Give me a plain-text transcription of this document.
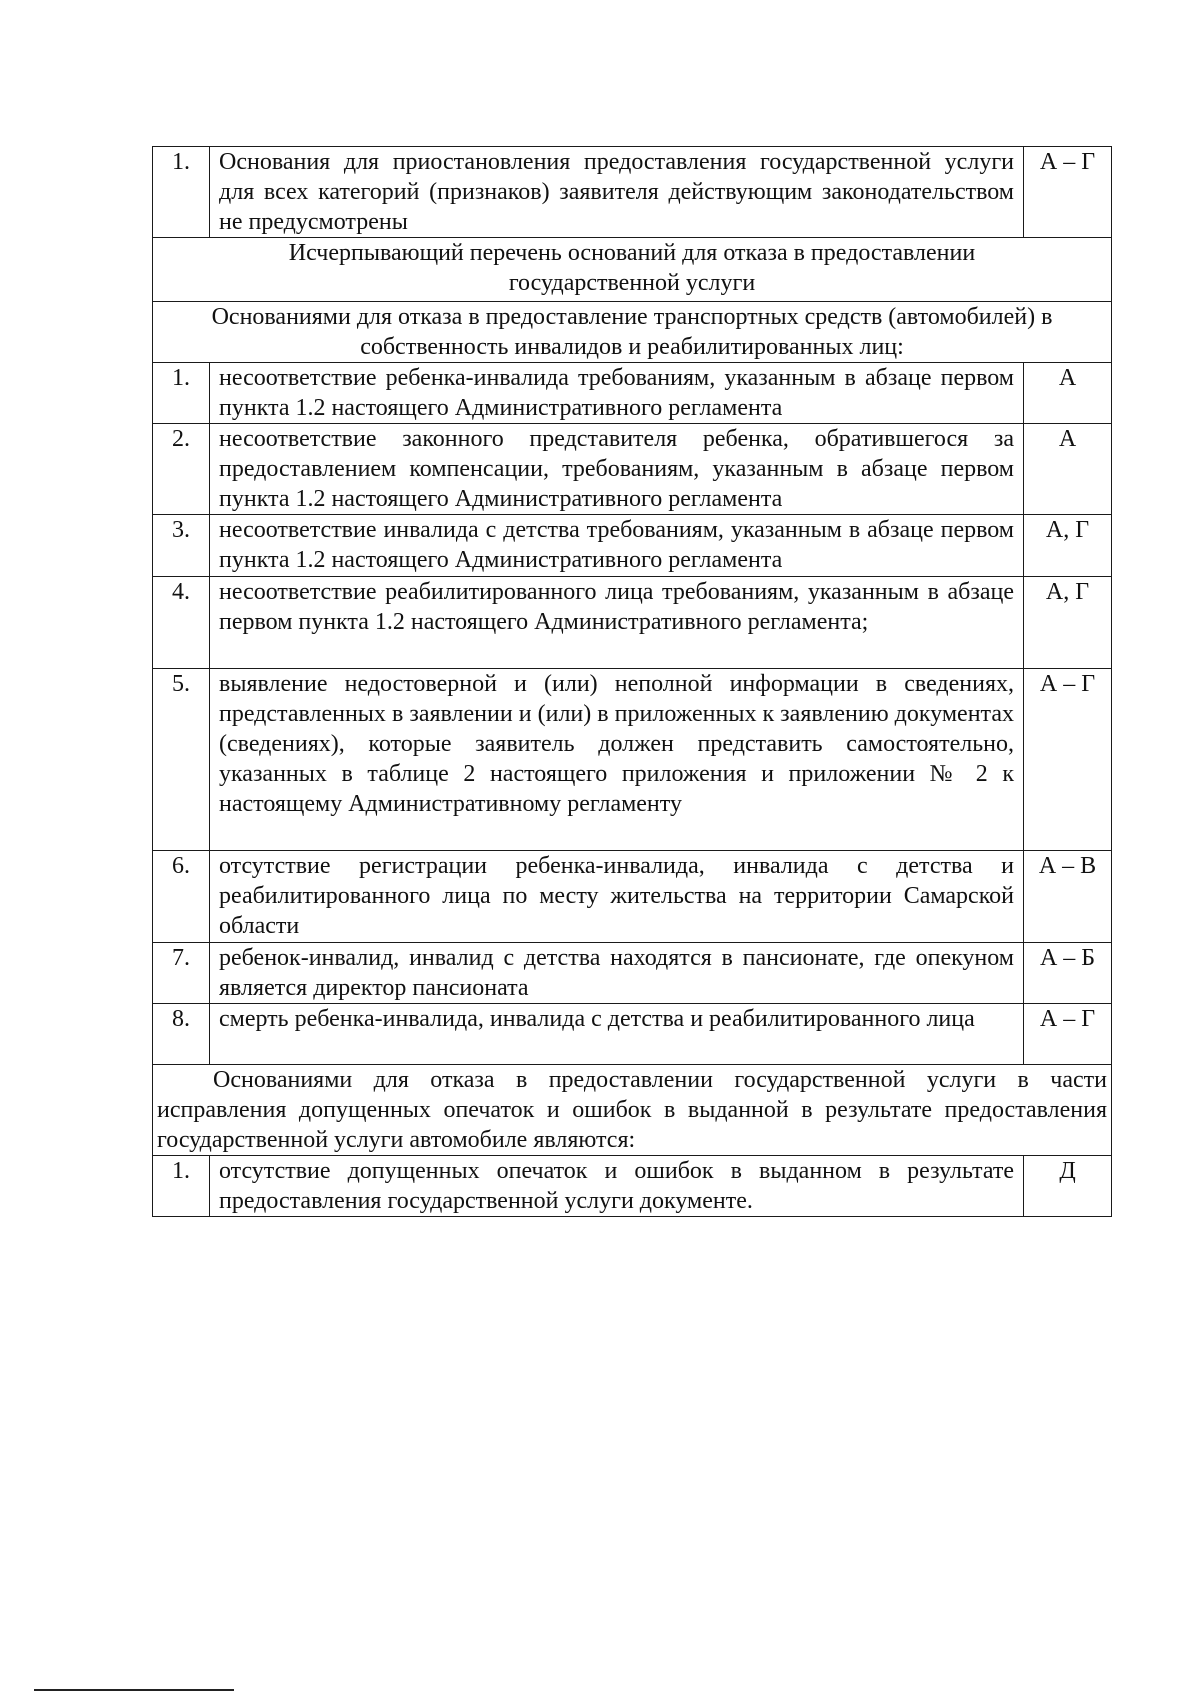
1.	Основания для приостановления предоставления государственной услуги для всех категорий (признаков) заявителя действующим законодательством не предусмотрены	А – Г
Исчерпывающий перечень оснований для отказа в предоставлении государственной услуги		
Основаниями для отказа в предоставление транспортных средств (автомобилей) в собственность инвалидов и реабилитированных лиц:		
1.	несоответствие ребенка-инвалида требованиям, указанным в абзаце первом пункта 1.2 настоящего Административного регламента	А
2.	несоответствие законного представителя ребенка, обратившегося за предоставлением компенсации, требованиям, указанным в абзаце первом пункта 1.2 настоящего Административного регламента	А
3.	несоответствие инвалида с детства требованиям, указанным в абзаце первом пункта 1.2 настоящего Административного регламента	А, Г
4.	несоответствие реабилитированного лица требованиям, указанным в абзаце первом пункта 1.2 настоящего Административного регламента;	А, Г
5.	выявление недостоверной и (или) неполной информации в сведениях, представленных в заявлении и (или) в приложенных к заявлению документах (сведениях), которые заявитель должен представить самостоятельно, указанных в таблице 2 настоящего приложения и приложении № 2 к настоящему Административному регламенту	А – Г
6.	отсутствие регистрации ребенка-инвалида, инвалида с детства и реабилитированного лица по месту жительства на территории Самарской области	А – В
7.	ребенок-инвалид, инвалид с детства находятся в пансионате, где опекуном является директор пансионата	А – Б
8.	смерть ребенка-инвалида, инвалида с детства и реабилитированного лица	А – Г
Основаниями для отказа в предоставлении государственной услуги в части исправления допущенных опечаток и ошибок в выданной в результате предоставления государственной услуги автомобиле являются:		
1.	отсутствие допущенных опечаток и ошибок в выданном в результате предоставления государственной услуги документе.	Д
